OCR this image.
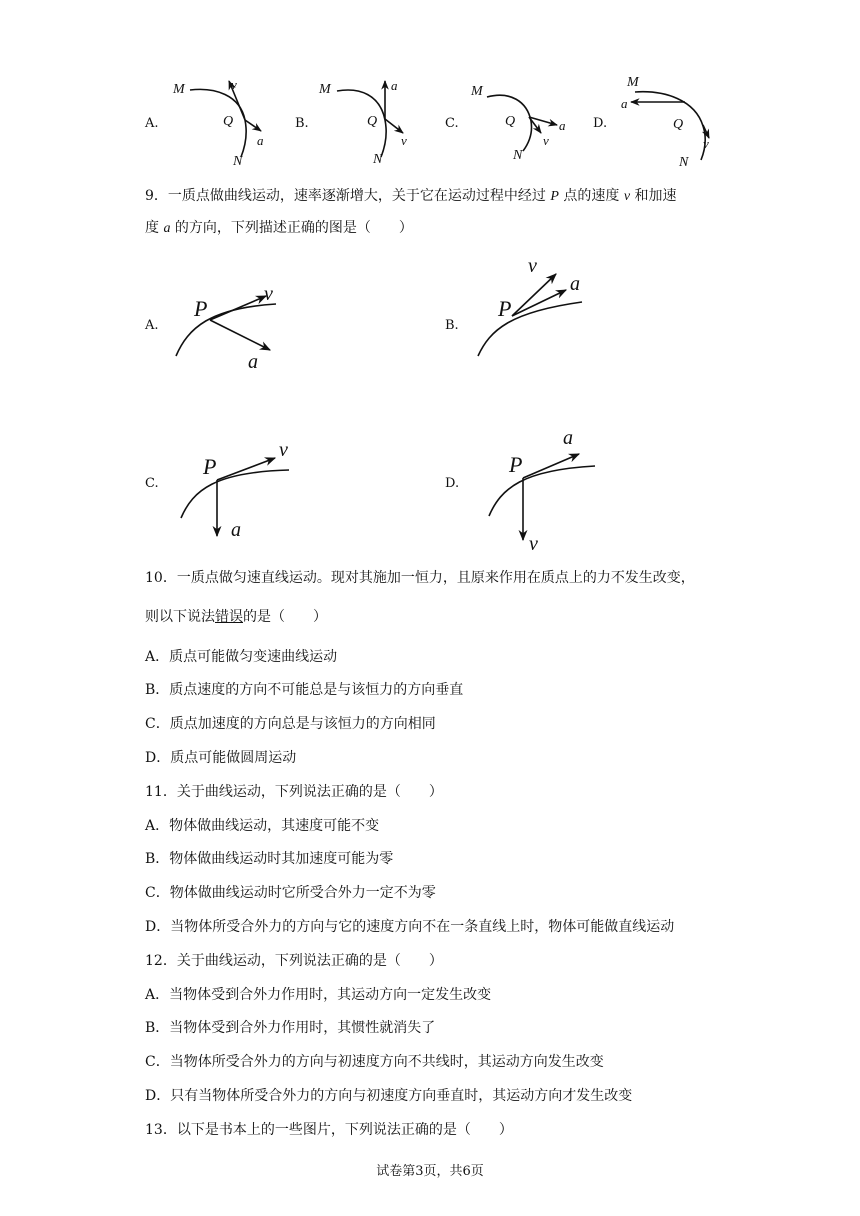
A.
M	v
Q
a
N
B.
M	a
Q
v
N
C.
M
Q	a
v
N
D.
M
a
Q
v
N
9．一质点做曲线运动，速率逐渐增大，关于它在运动过程中经过 P 点的速度 v 和加速
度 a 的方向，下列描述正确的图是（　　）
A.
P
v
a
B.
P
v
a
C.
P
v
a
D.
P
a
v
10．一质点做匀速直线运动。现对其施加一恒力，且原来作用在质点上的力不发生改变，
则以下说法错误的是（　　）
A．质点可能做匀变速曲线运动
B．质点速度的方向不可能总是与该恒力的方向垂直
C．质点加速度的方向总是与该恒力的方向相同
D．质点可能做圆周运动
11．关于曲线运动，下列说法正确的是（　　）
A．物体做曲线运动，其速度可能不变
B．物体做曲线运动时其加速度可能为零
C．物体做曲线运动时它所受合外力一定不为零
D．当物体所受合外力的方向与它的速度方向不在一条直线上时，物体可能做直线运动
12．关于曲线运动，下列说法正确的是（　　）
A．当物体受到合外力作用时，其运动方向一定发生改变
B．当物体受到合外力作用时，其惯性就消失了
C．当物体所受合外力的方向与初速度方向不共线时，其运动方向发生改变
D．只有当物体所受合外力的方向与初速度方向垂直时，其运动方向才发生改变
13．以下是书本上的一些图片，下列说法正确的是（　　）
试卷第3页，共6页
